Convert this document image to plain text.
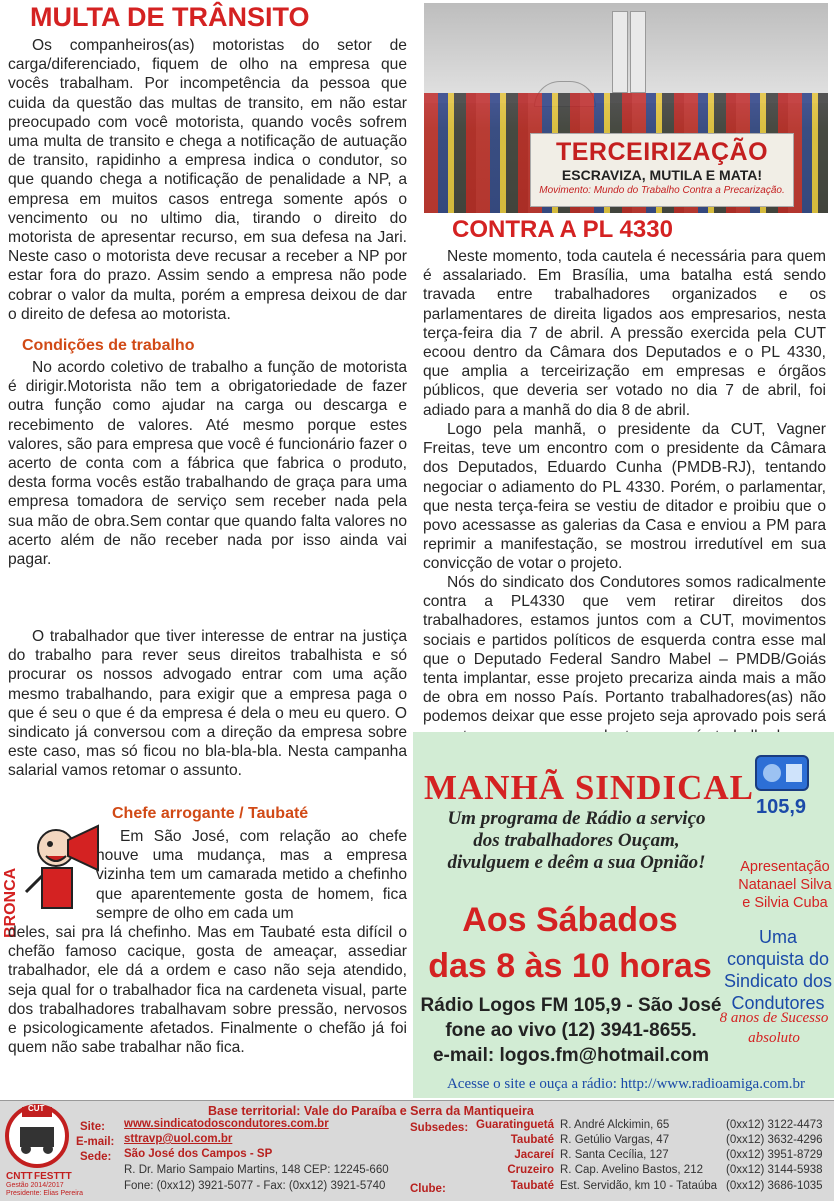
MULTA DE TRÂNSITO

Os companheiros(as) motoristas do setor de carga/diferenciado, fiquem de olho na empresa que vocês trabalham. Por incompetência da pessoa que cuida da questão das multas de transito, em não estar preocupado com você motorista, quando vocês sofrem uma multa de transito e chega a notificação de autuação de transito, rapidinho a empresa indica o condutor, so que quando chega a notificação de penalidade a NP, a empresa em muitos casos entrega somente após o vencimento ou no ultimo dia, tirando o direito do motorista de apresentar recurso, em sua defesa na Jari. Neste caso o motorista deve recusar a receber a NP por estar fora do prazo. Assim sendo a empresa não pode cobrar o valor da multa, porém a empresa deixou de dar o direito de defesa ao motorista.

Condições de trabalho

No acordo coletivo de trabalho a função de motorista é dirigir.Motorista não tem a obrigatoriedade de fazer outra função como ajudar na carga ou descarga e recebimento de valores. Até mesmo porque estes valores, são para empresa que você é funcionário fazer o acerto de conta com a fábrica que fabrica o produto, desta forma vocês estão trabalhando de graça para uma empresa tomadora de serviço sem receber nada pela sua mão de obra.Sem contar que quando falta valores no acerto além de não receber nada por isso ainda vai pagar.

O trabalhador que tiver interesse de entrar na justiça do trabalho para rever seus direitos trabalhista e só procurar os nossos advogado entrar com uma ação mesmo trabalhando, para exigir que a empresa paga o que é seu o que é da empresa é dela o meu eu quero. O sindicato já conversou com a direção da empresa sobre este caso, mas só ficou no bla-bla-bla. Nesta campanha salarial vamos retomar o assunto.

Chefe arrogante / Taubaté
BRONCA

Em São José, com relação ao chefe houve uma mudança, mas a empresa vizinha tem um camarada metido a chefinho que aparentemente gosta de homem, fica sempre de olho em cada um

deles, sai pra lá chefinho. Mas em Taubaté esta difícil o chefão famoso cacique, gosta de ameaçar, assediar trabalhador, ele dá a ordem e caso não seja atendido, seja qual for o trabalhador fica na cardeneta visual, parte dos trabalhadores trabalhavam sobre pressão, nervosos e psicologicamente afetados. Finalmente o chefão já foi quem não sabe trabalhar não fica.

TERCEIRIZAÇÃO
ESCRAVIZA, MUTILA E MATA!
Movimento: Mundo do Trabalho Contra a Precarização.
CONTRA A PL 4330

Neste momento, toda cautela é necessária para quem é assalariado. Em Brasília, uma batalha está sendo travada entre trabalhadores organizados e os parlamentares de direita ligados aos empresarios, nesta terça-feira dia 7 de abril. A pressão exercida pela CUT ecoou dentro da Câmara dos Deputados e o PL 4330, que amplia a terceirização em empresas e órgãos públicos, que deveria ser votado no dia 7 de abril, foi adiado para a manhã do dia 8 de abril.

Logo pela manhã, o presidente da CUT, Vagner Freitas, teve um encontro com o presidente da Câmara dos Deputados, Eduardo Cunha (PMDB-RJ), tentando negociar o adiamento do PL 4330. Porém, o parlamentar, que nesta terça-feira se vestiu de ditador e proibiu que o povo acessasse as galerias da Casa e enviou a PM para reprimir a manifestação, se mostrou irredutível em sua convicção de votar o projeto.

Nós do sindicato dos Condutores somos radicalmente contra a PL4330 que vem retirar direitos dos trabalhadores, estamos juntos com a CUT, movimentos sociais e partidos políticos de esquerda contra esse mal que o Deputado Federal Sandro Mabel – PMDB/Goiás tenta implantar, esse projeto precariza ainda mais a mão de obra em nosso País. Portanto trabalhadores(as) não podemos deixar que esse projeto seja aprovado pois será

MANHÃ SINDICAL 105,9
Um programa de Rádio a serviço dos trabalhadores Ouçam, divulguem e deêm a sua Opnião!
Aos Sábados
das 8 às 10 horas
Rádio Logos FM 105,9 - São José
fone ao vivo (12) 3941-8655.
e-mail: logos.fm@hotmail.com
Apresentação Natanael Silva e Silvia Cuba
Uma conquista do Sindicato dos Condutores
8 anos de Sucesso absoluto
Acesse o site e ouça a rádio: http://www.radioamiga.com.br
CUT
CNTT FESTTT
Gestão 2014/2017
Presidente: Elias Pereira
Base territorial: Vale do Paraíba e Serra da Mantiqueira
Site: www.sindicatodoscondutores.com.br
E-mail: sttravp@uol.com.br
Sede: São José dos Campos - SP
R. Dr. Mario Sampaio Martins, 148 CEP: 12245-660
Fone: (0xx12) 3921-5077 - Fax: (0xx12) 3921-5740
Subsedes:
Clube:
Guaratinguetá R. André Alckimin, 65	(0xx12) 3122-4473
Taubaté R. Getúlio Vargas, 47	(0xx12) 3632-4296
Jacareí R. Santa Cecília, 127	(0xx12) 3951-8729
Cruzeiro R. Cap. Avelino Bastos, 212 (0xx12) 3144-5938
Taubaté Est. Servidão, km 10 - Tataúba (0xx12) 3686-1035
